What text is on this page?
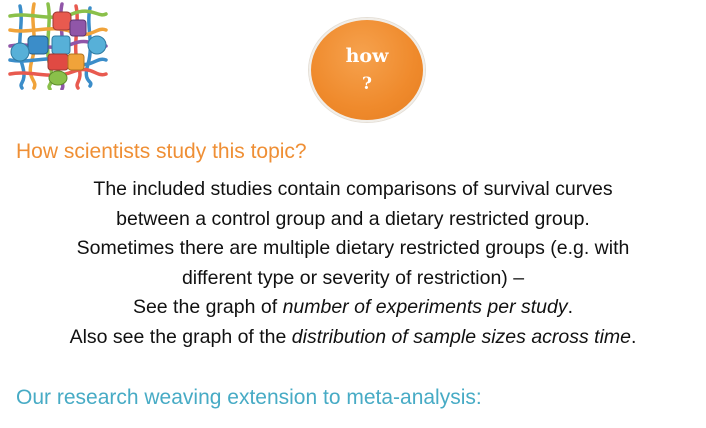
how
?
How scientists study this topic?
The included studies contain comparisons of survival curves
between a control group and a dietary restricted group.
Sometimes there are multiple dietary restricted groups (e.g. with
different type or severity of restriction) –
See the graph of number of experiments per study.
Also see the graph of the distribution of sample sizes across time.
Our research weaving extension to meta-analysis:
